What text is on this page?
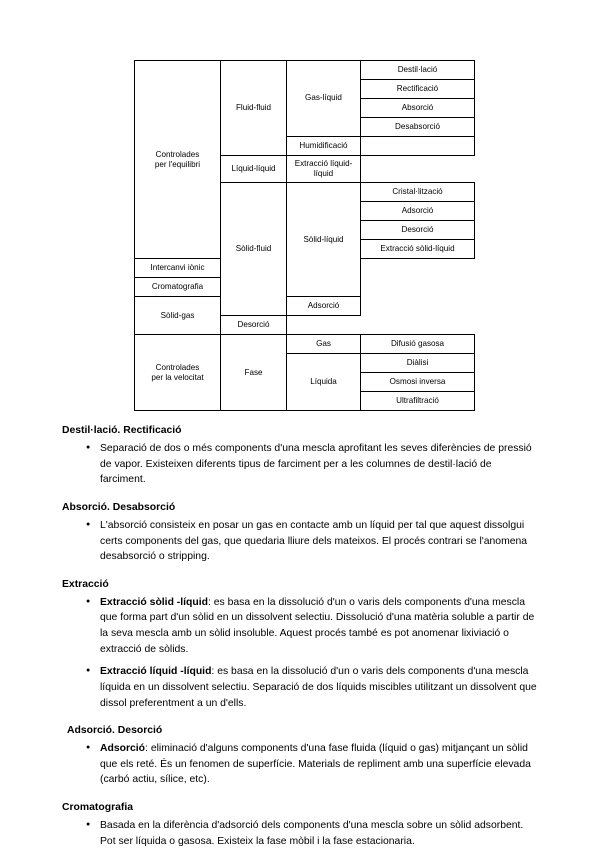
Controlades
per l'equilibri	Fluid-fluid	Gas-líquid	Destil·lació
			Rectificació
			Absorció
			Desabsorció
		Humidificació	
	Líquid-líquid	Extracció líquid-líquid	
	Sòlid-fluid	Sòlid-líquid	Cristal·lització
			Adsorció
			Desorció
			Extracció sòlid-líquid
Intercanvi iònic			
Cromatografia			
Sòlid-gas		Adsorció	
	Desorció		
Controlades
per la velocitat	Fase	Gas	Difusió gasosa
		Líquida	Diàlisi
			Osmosi inversa
			Ultrafiltració
Destil·lació. Rectificació
● Separació de dos o més components d'una mescla aprofitant les seves diferències de pressió de vapor. Existeixen diferents tipus de farciment per a les columnes de destil·lació de farciment.
Absorció. Desabsorció
● L'absorció consisteix en posar un gas en contacte amb un líquid per tal que aquest dissolgui certs components del gas, que quedaria lliure dels mateixos. El procés contrari se l'anomena desabsorció o stripping.
Extracció
● Extracció sòlid -líquid: es basa en la dissolució d'un o varis dels components d'una mescla que forma part d'un sòlid en un dissolvent selectiu. Dissolució d'una matèria soluble a partir de la seva mescla amb un sòlid insoluble. Aquest procés també es pot anomenar lixiviació o extracció de sòlids.
● Extracció líquid -líquid: es basa en la dissolució d'un o varis dels components d'una mescla líquida en un dissolvent selectiu. Separació de dos líquids miscibles utilitzant un dissolvent que dissol preferentment a un d'ells.
Adsorció. Desorció
● Adsorció: eliminació d'alguns components d'una fase fluida (líquid o gas) mitjançant un sòlid que els reté. És un fenomen de superfície. Materials de repliment amb una superfície elevada (carbó actiu, sílice, etc).
Cromatografia
● Basada en la diferència d'adsorció dels components d'una mescla sobre un sòlid adsorbent. Pot ser líquida o gasosa. Existeix la fase mòbil i la fase estacionaria.
